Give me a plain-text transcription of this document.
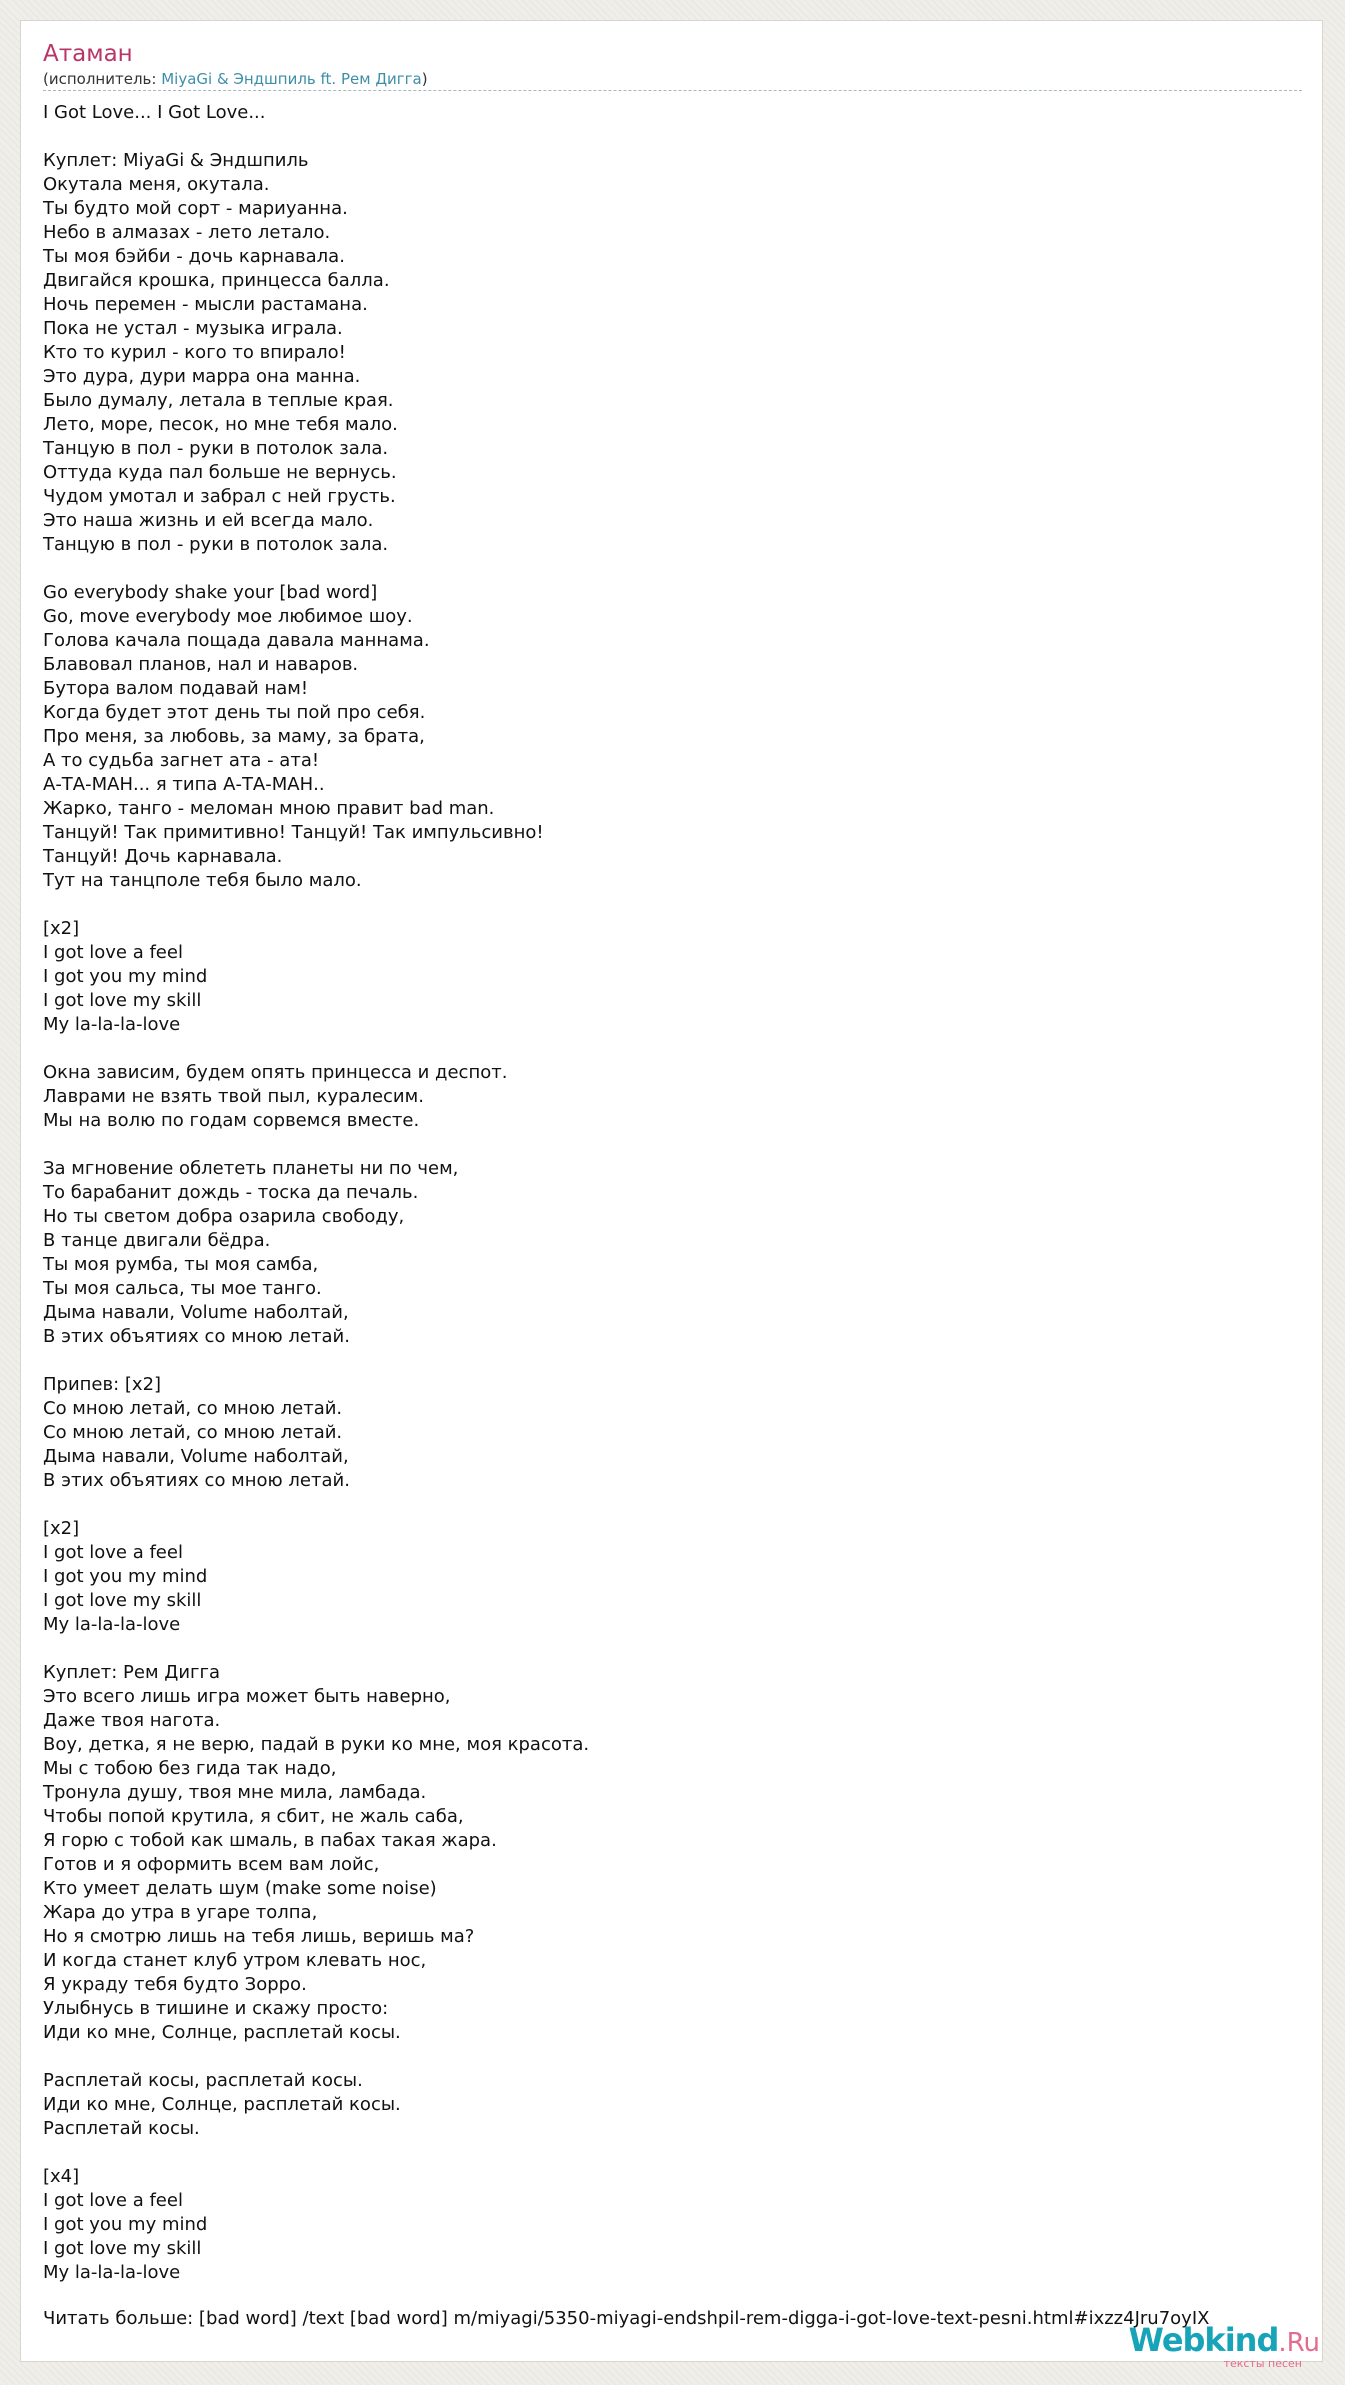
Атаман
(исполнитель: MiyaGi & Эндшпиль ft. Рем Дигга)
I Got Love... I Got Love...

Куплет: MiyaGi & Эндшпиль
Окутала меня, окутала.
Ты будто мой сорт - мариуанна.
Небо в алмазах - лето летало.
Ты моя бэйби - дочь карнавала.
Двигайся крошка, принцесса балла.
Ночь перемен - мысли растамана.
Пока не устал - музыка играла.
Кто то курил - кого то впирало!
Это дура, дури марра она манна.
Было думалу, летала в теплые края.
Лето, море, песок, но мне тебя мало.
Танцую в пол - руки в потолок зала.
Оттуда куда пал больше не вернусь.
Чудом умотал и забрал с ней грусть.
Это наша жизнь и ей всегда мало.
Танцую в пол - руки в потолок зала.

Go everybody shake your [bad word]
Go, move everybody мое любимое шоу.
Голова качала пощада давала маннама.
Блавовал планов, нал и наваров.
Бутора валом подавай нам!
Когда будет этот день ты пой про себя.
Про меня, за любовь, за маму, за брата,
А то судьба загнет ата - ата!
А-ТА-МАН... я типа А-ТА-МАН..
Жарко, танго - меломан мною правит bad man.
Танцуй! Так примитивно! Танцуй! Так импульсивно!
Танцуй! Дочь карнавала.
Тут на танцполе тебя было мало.

[x2]
I got love a feel
I got you my mind
I got love my skill
My la-la-la-love

Окна зависим, будем опять принцесса и деспот.
Лаврами не взять твой пыл, куралесим.
Мы на волю по годам сорвемся вместе.

За мгновение облететь планеты ни по чем,
То барабанит дождь - тоска да печаль.
Но ты светом добра озарила свободу,
В танце двигали бёдра.
Ты моя румба, ты моя самба,
Ты моя сальса, ты мое танго.
Дыма навали, Volume наболтай,
В этих объятиях со мною летай.

Припев: [x2]
Со мною летай, со мною летай.
Со мною летай, со мною летай.
Дыма навали, Volume наболтай,
В этих объятиях со мною летай.

[x2]
I got love a feel
I got you my mind
I got love my skill
My la-la-la-love

Куплет: Рем Дигга
Это всего лишь игра может быть наверно,
Даже твоя нагота.
Воу, детка, я не верю, падай в руки ко мне, моя красота.
Мы с тобою без гида так надо,
Тронула душу, твоя мне мила, ламбада.
Чтобы попой крутила, я сбит, не жаль саба,
Я горю с тобой как шмаль, в пабах такая жара.
Готов и я оформить всем вам лойс,
Кто умеет делать шум (make some noise)
Жара до утра в угаре толпа,
Но я смотрю лишь на тебя лишь, веришь ма?
И когда станет клуб утром клевать нос,
Я украду тебя будто Зорро.
Улыбнусь в тишине и скажу просто:
Иди ко мне, Солнце, расплетай косы.

Расплетай косы, расплетай косы.
Иди ко мне, Солнце, расплетай косы.
Расплетай косы.

[x4]
I got love a feel
I got you my mind
I got love my skill
My la-la-la-love
Читать больше: [bad word] /text [bad word] m/miyagi/5350-miyagi-endshpil-rem-digga-i-got-love-text-pesni.html#ixzz4Jru7oyIX
Webkind.Ru
тексты песен
